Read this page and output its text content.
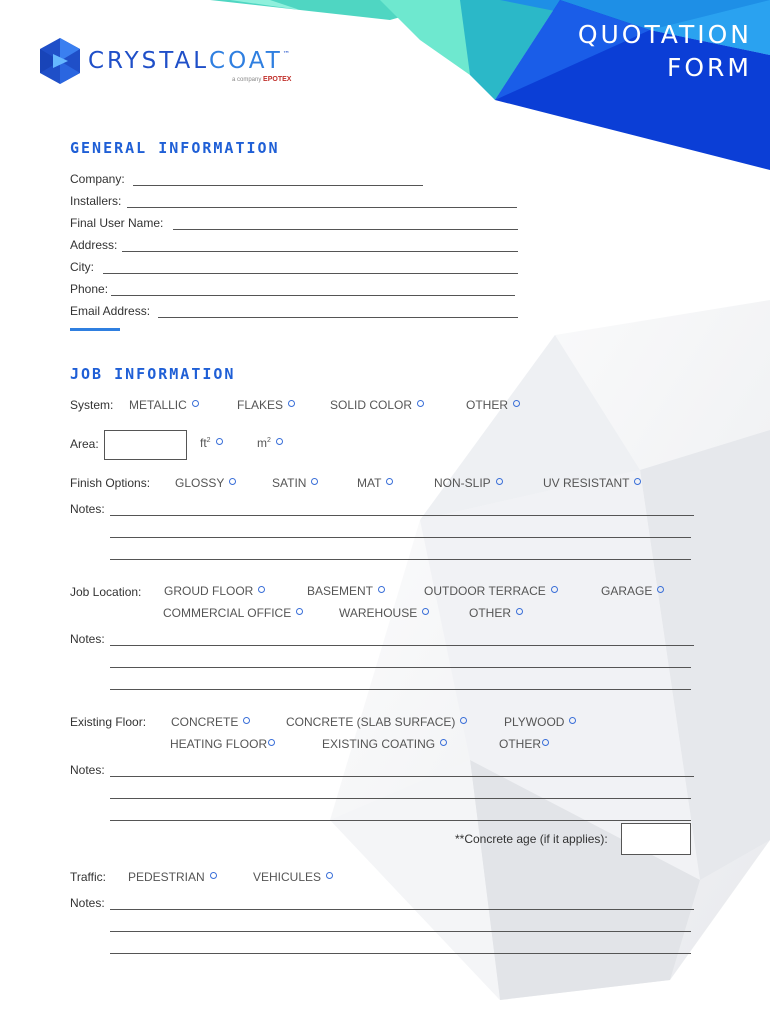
CRYSTALCOAT™
a company EPOTEX
QUOTATION
FORM
GENERAL INFORMATION
Company:
Installers:
Final User Name:
Address:
City:
Phone:
Email Address:
JOB INFORMATION
System: METALLIC	FLAKES	SOLID COLOR	OTHER
Area:	$ft^2$	$m^2$
Finish Options: GLOSSY	SATIN	MAT	NON-SLIP	UV RESISTANT
Notes:
Job Location: GROUD FLOOR	BASEMENT	OUTDOOR TERRACE	GARAGE
COMMERCIAL OFFICE	WAREHOUSE	OTHER
Notes:
Existing Floor: CONCRETE	CONCRETE (SLAB SURFACE)	PLYWOOD
HEATING FLOOR	EXISTING COATING	OTHER
Notes:
**Concrete age (if it applies):
Traffic: PEDESTRIAN	VEHICULES
Notes:
